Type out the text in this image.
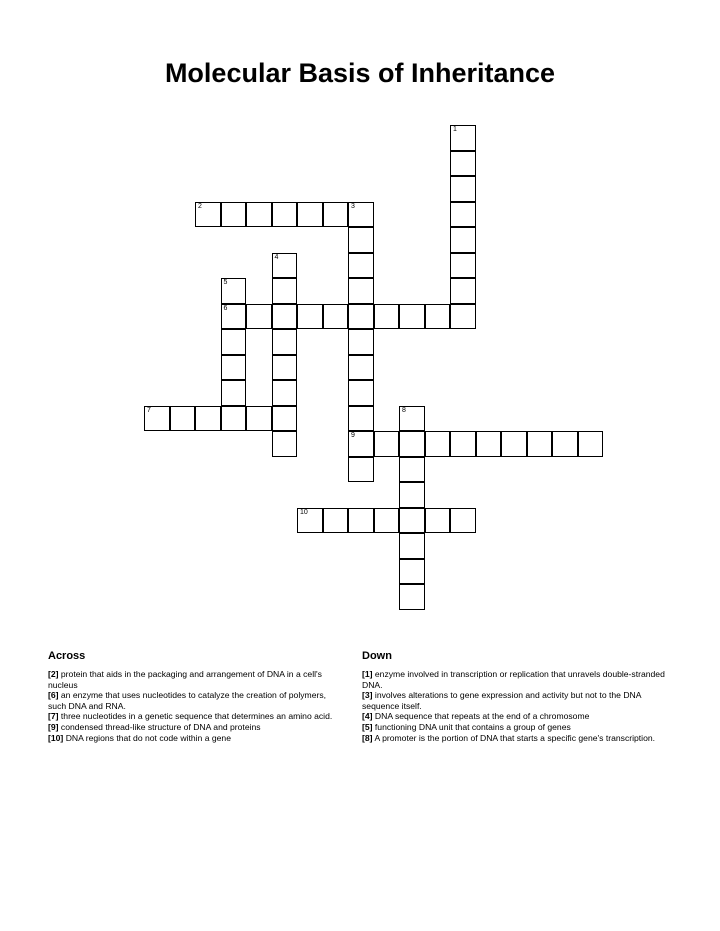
Molecular Basis of Inheritance
1
2	3
9
4
5
6
7	8
10
Across

[2] protein that aids in the packaging and arrangement of DNA in a cell's nucleus

[6] an enzyme that uses nucleotides to catalyze the creation of polymers, such DNA and RNA.

[7] three nucleotides in a genetic sequence that determines an amino acid.

[9] condensed thread-like structure of DNA and proteins

[10] DNA regions that do not code within a gene

Down

[1] enzyme involved in transcription or replication that unravels double-stranded DNA.

[3] involves alterations to gene expression and activity but not to the DNA sequence itself.

[4] DNA sequence that repeats at the end of a chromosome

[5] functioning DNA unit that contains a group of genes

[8] A promoter is the portion of DNA that starts a specific gene's transcription.
